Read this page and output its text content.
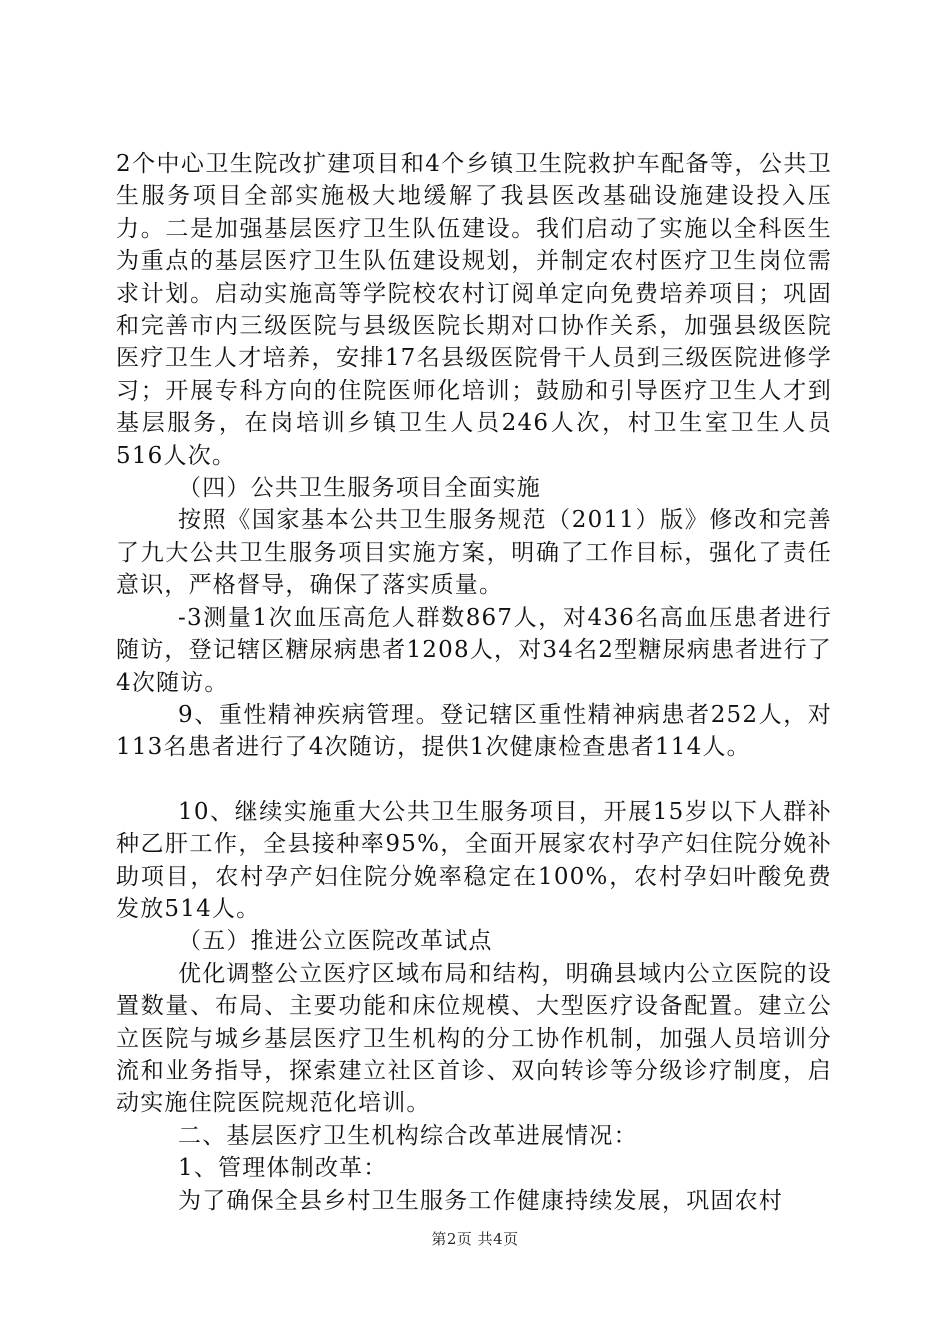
2个中心卫生院改扩建项目和4个乡镇卫生院救护车配备等，公共卫生服务项目全部实施极大地缓解了我县医改基础设施建设投入压力。二是加强基层医疗卫生队伍建设。我们启动了实施以全科医生为重点的基层医疗卫生队伍建设规划，并制定农村医疗卫生岗位需求计划。启动实施高等学院校农村订阅单定向免费培养项目；巩固和完善市内三级医院与县级医院长期对口协作关系，加强县级医院医疗卫生人才培养，安排17名县级医院骨干人员到三级医院进修学习；开展专科方向的住院医师化培训；鼓励和引导医疗卫生人才到基层服务，在岗培训乡镇卫生人员246人次，村卫生室卫生人员516人次。

（四）公共卫生服务项目全面实施

按照《国家基本公共卫生服务规范（2011）版》修改和完善了九大公共卫生服务项目实施方案，明确了工作目标，强化了责任意识，严格督导，确保了落实质量。

-3测量1次血压高危人群数867人，对436名高血压患者进行随访，登记辖区糖尿病患者1208人，对34名2型糖尿病患者进行了4次随访。

9、重性精神疾病管理。登记辖区重性精神病患者252人，对113名患者进行了4次随访，提供1次健康检查患者114人。

10、继续实施重大公共卫生服务项目，开展15岁以下人群补种乙肝工作，全县接种率95%，全面开展家农村孕产妇住院分娩补助项目，农村孕产妇住院分娩率稳定在100%，农村孕妇叶酸免费发放514人。

（五）推进公立医院改革试点

优化调整公立医疗区域布局和结构，明确县域内公立医院的设置数量、布局、主要功能和床位规模、大型医疗设备配置。建立公立医院与城乡基层医疗卫生机构的分工协作机制，加强人员培训分流和业务指导，探索建立社区首诊、双向转诊等分级诊疗制度，启动实施住院医院规范化培训。

二、基层医疗卫生机构综合改革进展情况：

1、管理体制改革：

为了确保全县乡村卫生服务工作健康持续发展，巩固农村

第2页 共4页
